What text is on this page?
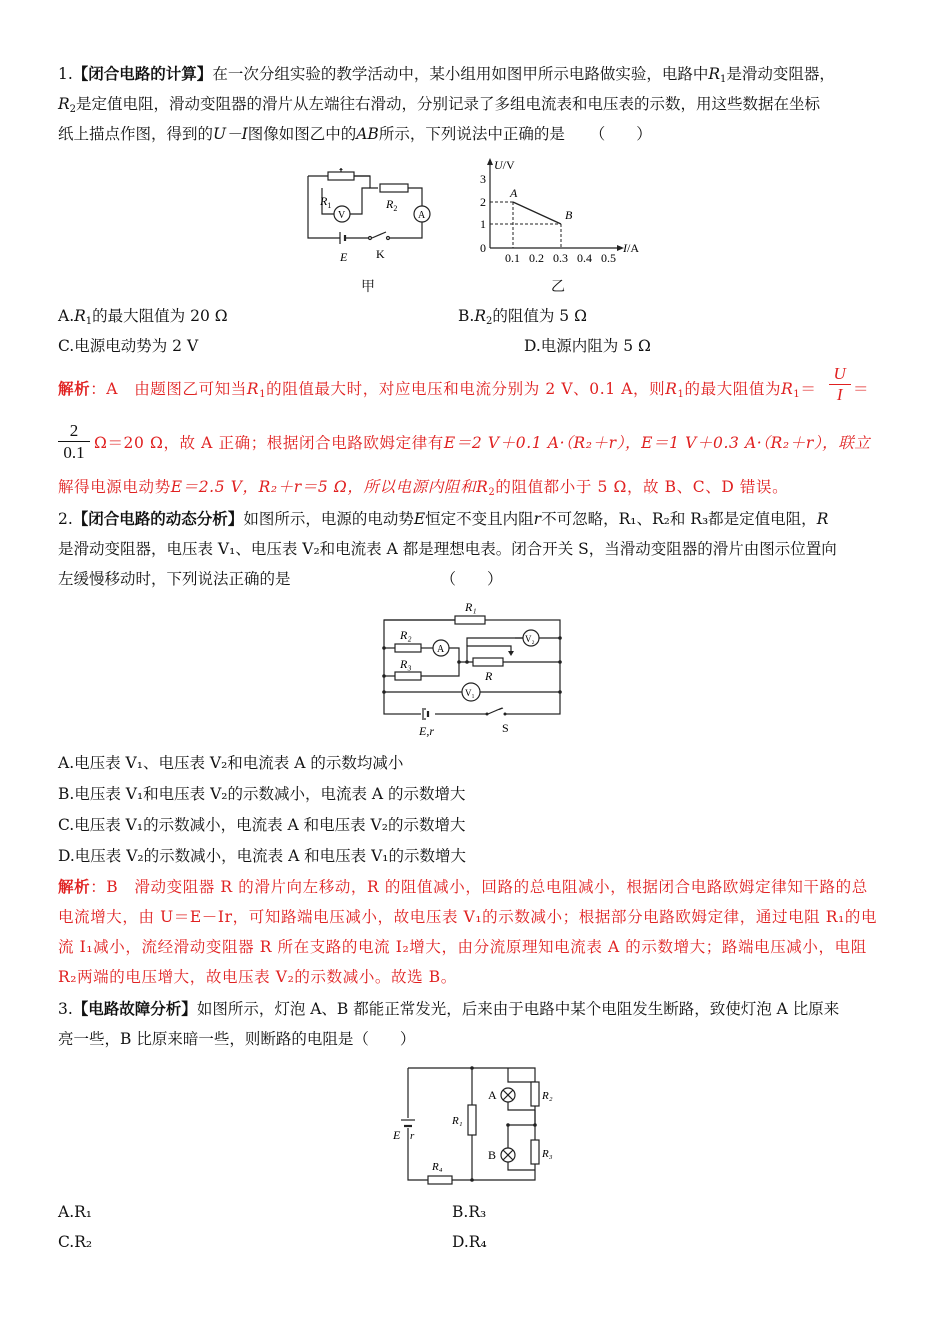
1.【闭合电路的计算】在一次分组实验的教学活动中，某小组用如图甲所示电路做实验，电路中$R_1$是滑动变阻器，
$R_2$是定值电阻，滑动变阻器的滑片从左端往右滑动，分别记录了多组电流表和电压表的示数，用这些数据在坐标
纸上描点作图，得到的U－I图像如图乙中的AB所示，下列说法中正确的是 （　　）
$R_1$	$R_2$
V	A
E K
甲
U/V
I/A
3
2
1
0
0.1 0.2 0.3 0.4 0.5
A
B
乙
$A.R_1$的最大阻值为 20 Ω	$B.R_2$的阻值为 5 Ω
C.电源电动势为 2 V	D.电源内阻为 5 Ω
解析：A　由题图乙可知当$R_1$的阻值最大时，对应电压和电流分别为 2 V、0.1 A，则$R_1$的最大阻值为$R_1= \frac{U}{I}$ ＝
$\frac{2}{0.1} \Omega=20$ Ω，故 A 正确；根据闭合电路欧姆定律有E＝2 V＋0.1 A·（R₂＋r），E＝1 V＋0.3 A·（R₂＋r），联立
解得电源电动势E＝2.5 V，R₂＋r＝5 Ω，所以电源内阻和$R_2$的阻值都小于 5 Ω，故 B、C、D 错误。
2.【闭合电路的动态分析】如图所示，电源的电动势E恒定不变且内阻r不可忽略，R₁、R₂和 R₃都是定值电阻，R
是滑动变阻器，电压表 V₁、电压表 V₂和电流表 A 都是理想电表。闭合开关 S，当滑动变阻器的滑片由图示位置向
左缓慢移动时，下列说法正确的是	（　　）
R₁
R₂
R₃
R
A
V₂
V₁
E,r	S
A.电压表 V₁、电压表 V₂和电流表 A 的示数均减小
B.电压表 V₁和电压表 V₂的示数减小，电流表 A 的示数增大
C.电压表 V₁的示数减小，电流表 A 和电压表 V₂的示数增大
D.电压表 V₂的示数减小，电流表 A 和电压表 V₁的示数增大
解析：B　滑动变阻器 R 的滑片向左移动，R 的阻值减小，回路的总电阻减小，根据闭合电路欧姆定律知干路的总
电流增大，由 U＝E－Ir，可知路端电压减小，故电压表 V₁的示数减小；根据部分电路欧姆定律，通过电阻 R₁的电
流 I₁减小，流经滑动变阻器 R 所在支路的电流 I₂增大，由分流原理知电流表 A 的示数增大；路端电压减小，电阻
R₂两端的电压增大，故电压表 V₂的示数减小。故选 B。
3.【电路故障分析】如图所示，灯泡 A、B 都能正常发光，后来由于电路中某个电阻发生断路，致使灯泡 A 比原来
亮一些，B 比原来暗一些，则断路的电阻是（　　）
E r
R₁
R₂
R₃
R₄
A
B
A.R₁	B.R₃
C.R₂	D.R₄
